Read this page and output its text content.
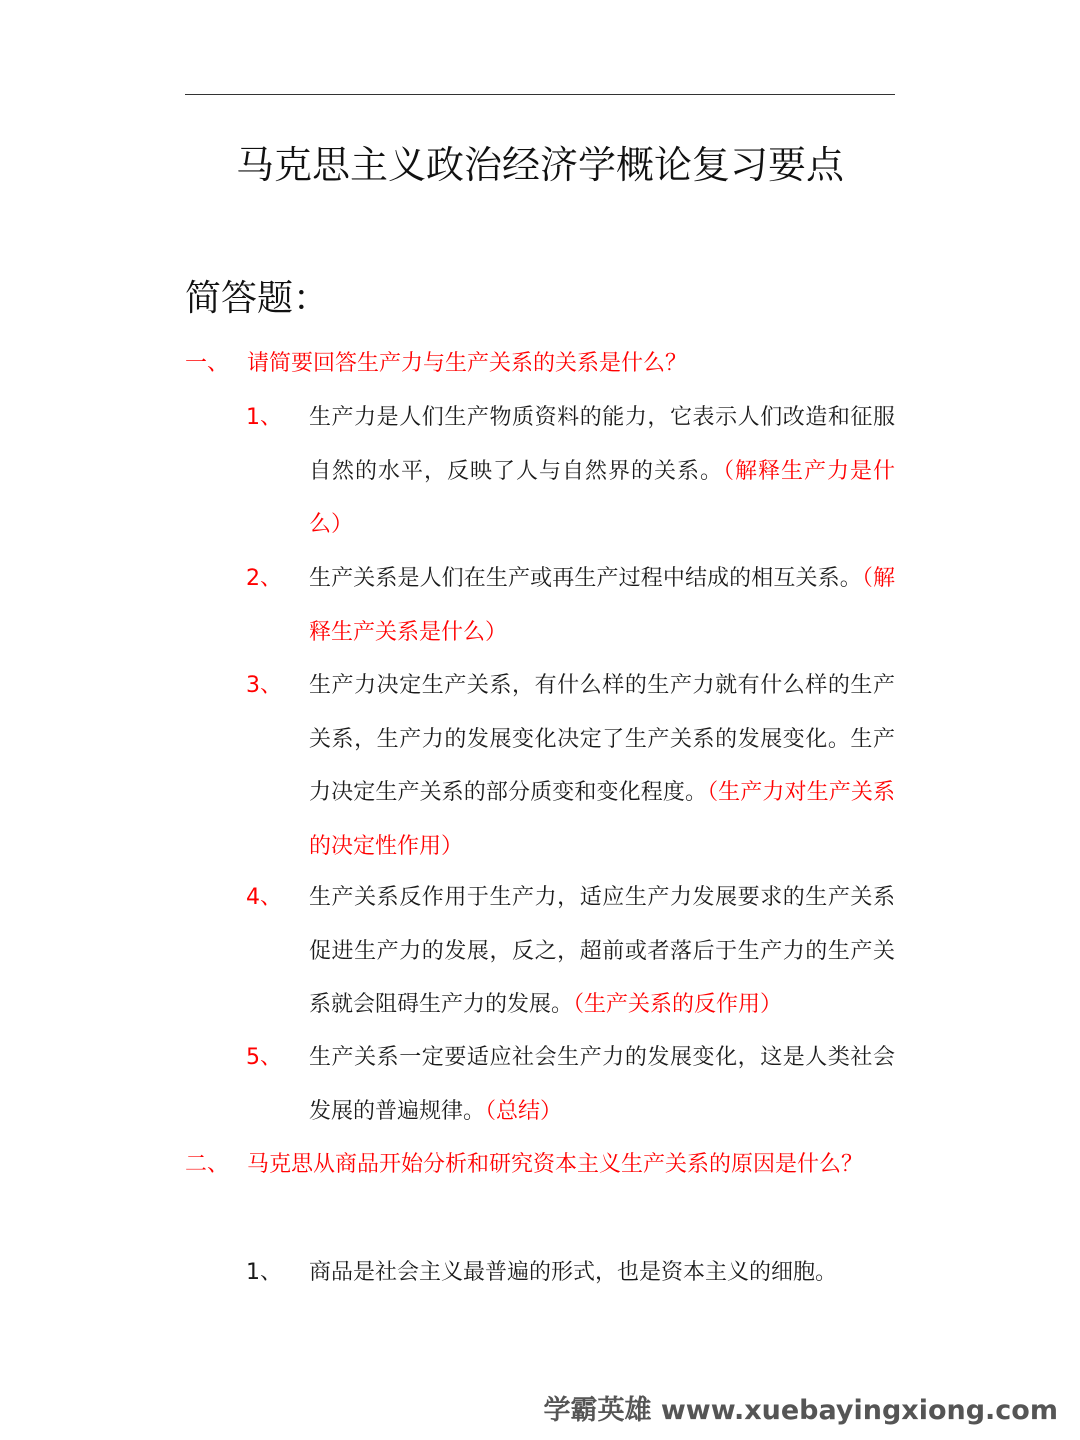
马克思主义政治经济学概论复习要点
简答题：
一、 请简要回答生产力与生产关系的关系是什么？
1、 生产力是人们生产物质资料的能力，它表示人们改造和征服自然的水平，反映了人与自然界的关系。（解释生产力是什么）
2、 生产关系是人们在生产或再生产过程中结成的相互关系。（解释生产关系是什么）
3、 生产力决定生产关系，有什么样的生产力就有什么样的生产关系，生产力的发展变化决定了生产关系的发展变化。生产力决定生产关系的部分质变和变化程度。（生产力对生产关系的决定性作用）
4、 生产关系反作用于生产力，适应生产力发展要求的生产关系促进生产力的发展，反之，超前或者落后于生产力的生产关系就会阻碍生产力的发展。（生产关系的反作用）
5、 生产关系一定要适应社会生产力的发展变化，这是人类社会发展的普遍规律。（总结）
二、 马克思从商品开始分析和研究资本主义生产关系的原因是什么？
1、 商品是社会主义最普遍的形式，也是资本主义的细胞。
学霸英雄 www.xuebayingxiong.com
